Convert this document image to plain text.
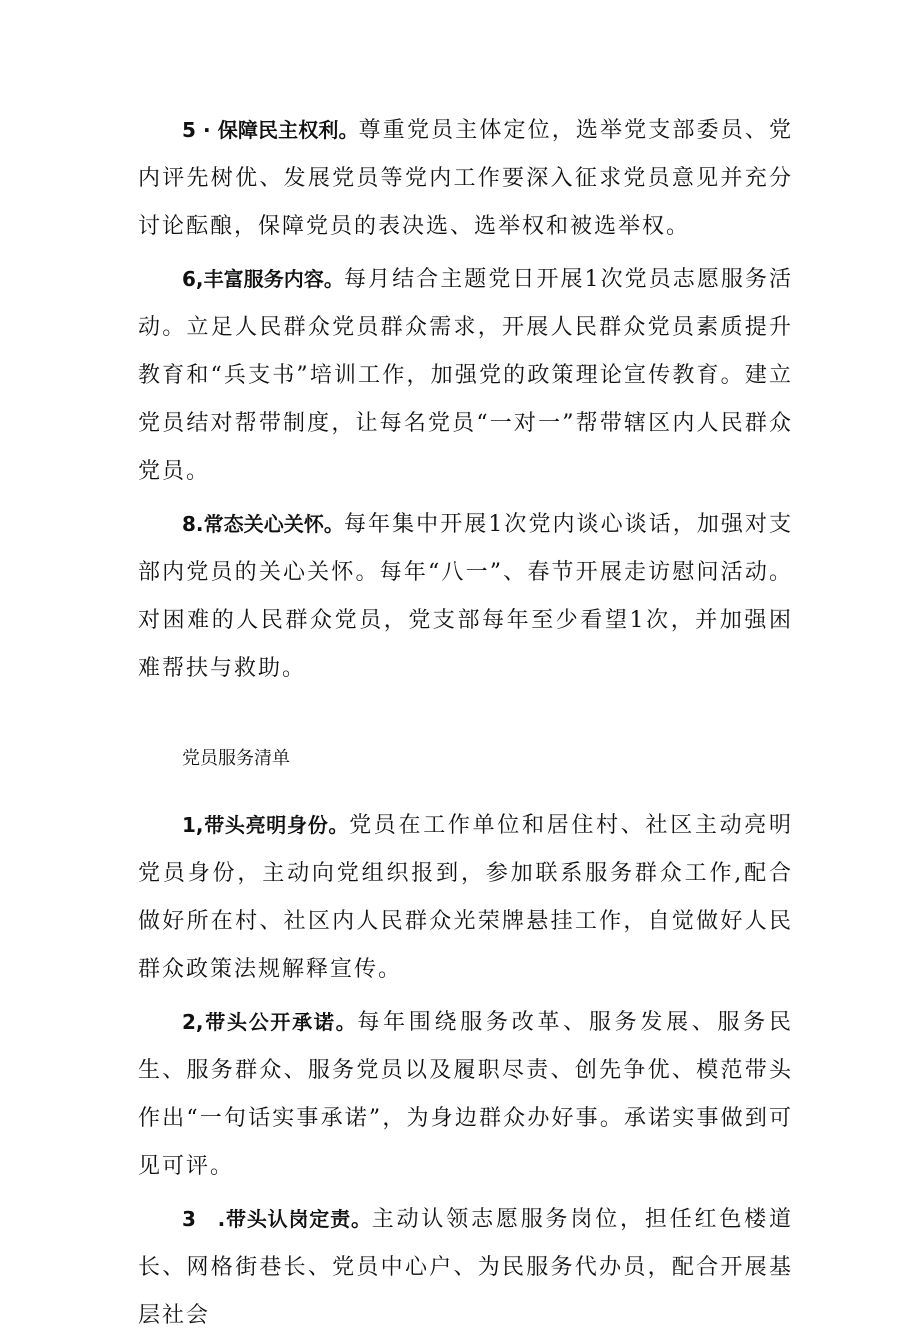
5 · 保障民主权利。尊重党员主体定位，选举党支部委员、党内评先树优、发展党员等党内工作要深入征求党员意见并充分讨论酝酿，保障党员的表决选、选举权和被选举权。

6,丰富服务内容。每月结合主题党日开展1次党员志愿服务活动。立足人民群众党员群众需求，开展人民群众党员素质提升教育和“兵支书”培训工作，加强党的政策理论宣传教育。建立党员结对帮带制度，让每名党员“一对一”帮带辖区内人民群众党员。

8.常态关心关怀。每年集中开展1次党内谈心谈话，加强对支部内党员的关心关怀。每年“八一”、春节开展走访慰问活动。对困难的人民群众党员，党支部每年至少看望1次，并加强困难帮扶与救助。

党员服务清单

1,带头亮明身份。党员在工作单位和居住村、社区主动亮明党员身份，主动向党组织报到，参加联系服务群众工作,配合做好所在村、社区内人民群众光荣牌悬挂工作，自觉做好人民群众政策法规解释宣传。

2,带头公开承诺。每年围绕服务改革、服务发展、服务民生、服务群众、服务党员以及履职尽责、创先争优、模范带头作出“一句话实事承诺”，为身边群众办好事。承诺实事做到可见可评。

3　.带头认岗定责。主动认领志愿服务岗位，担任红色楼道长、网格街巷长、党员中心户、为民服务代办员，配合开展基层社会
